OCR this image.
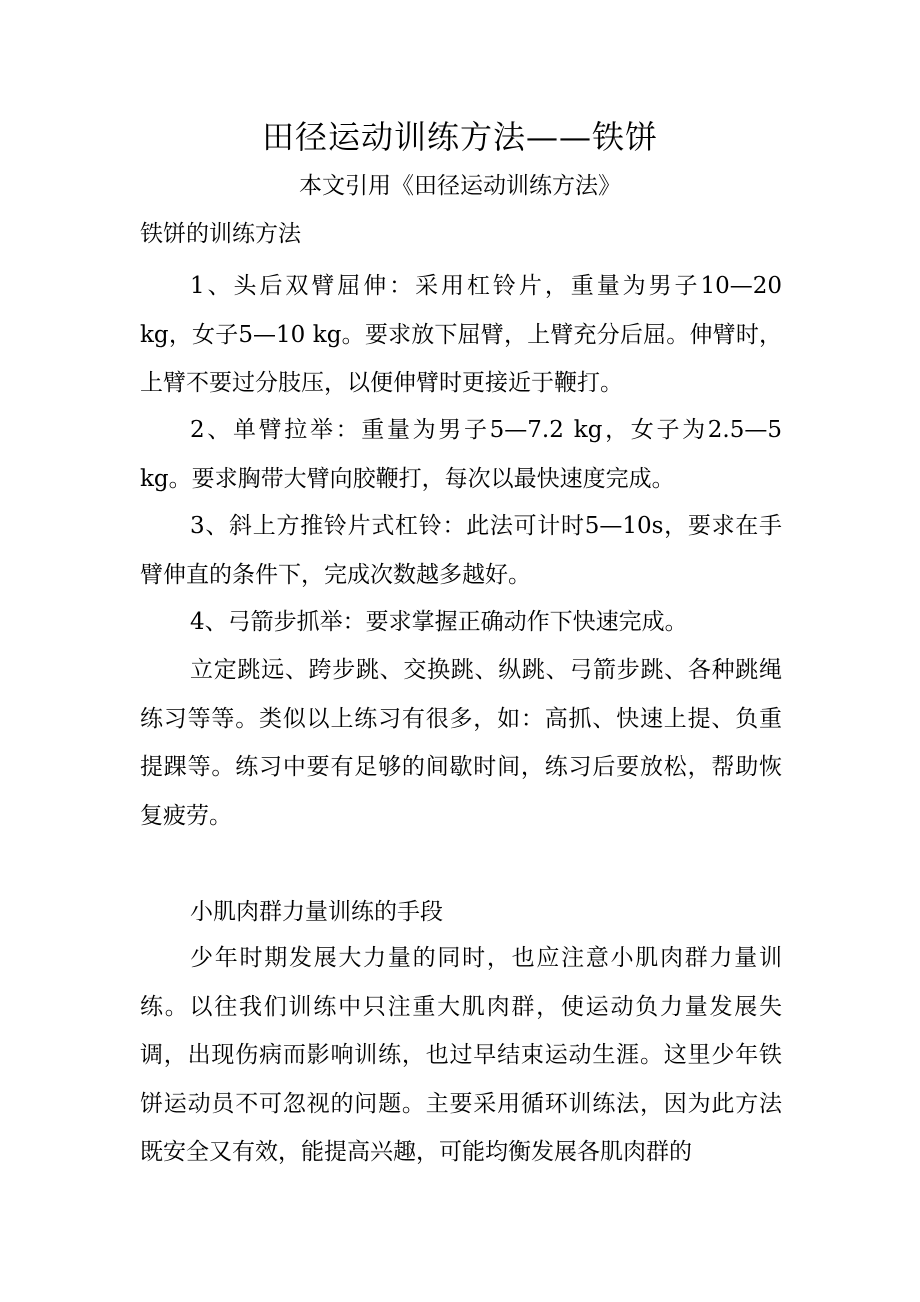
田径运动训练方法——铁饼
本文引用《田径运动训练方法》
铁饼的训练方法

1、头后双臂屈伸：采用杠铃片，重量为男子10—20 kg，女子5—10 kg。要求放下屈臂，上臂充分后屈。伸臂时，上臂不要过分肢压，以便伸臂时更接近于鞭打。

2、单臂拉举：重量为男子5—7.2 kg，女子为2.5—5 kg。要求胸带大臂向胶鞭打，每次以最快速度完成。

3、斜上方推铃片式杠铃：此法可计时5—10s，要求在手臂伸直的条件下，完成次数越多越好。

4、弓箭步抓举：要求掌握正确动作下快速完成。

立定跳远、跨步跳、交换跳、纵跳、弓箭步跳、各种跳绳练习等等。类似以上练习有很多，如：高抓、快速上提、负重提踝等。练习中要有足够的间歇时间，练习后要放松，帮助恢复疲劳。

小肌肉群力量训练的手段

少年时期发展大力量的同时，也应注意小肌肉群力量训练。以往我们训练中只注重大肌肉群，使运动负力量发展失调，出现伤病而影响训练，也过早结束运动生涯。这里少年铁饼运动员不可忽视的问题。主要采用循环训练法，因为此方法既安全又有效，能提高兴趣，可能均衡发展各肌肉群的
